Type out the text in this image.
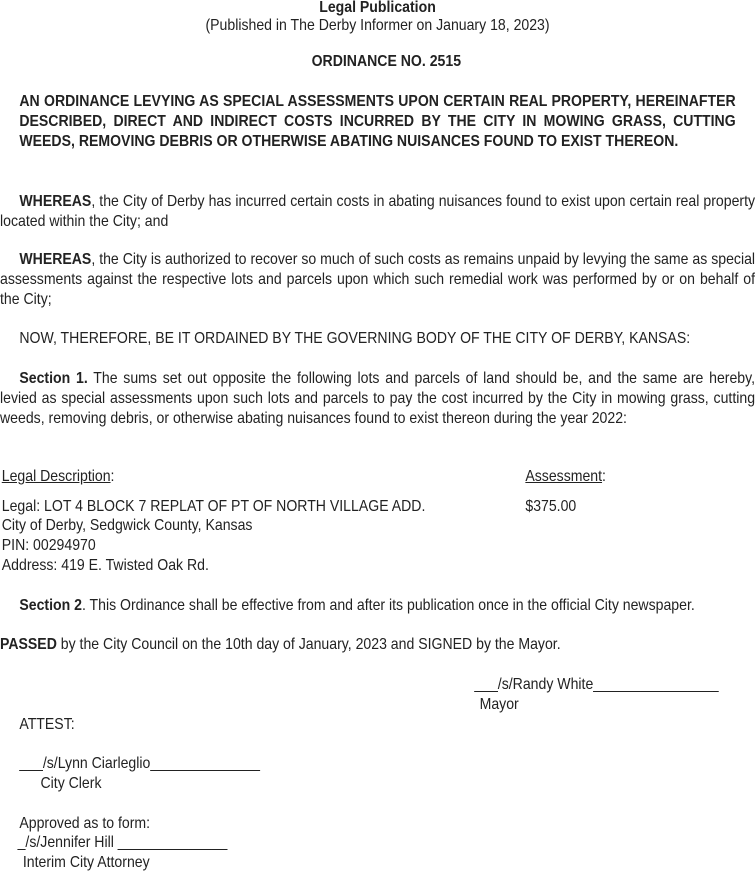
Legal Publication
(Published in The Derby Informer on January 18, 2023)
ORDINANCE NO. 2515
AN ORDINANCE LEVYING AS SPECIAL ASSESSMENTS UPON CERTAIN REAL PROPERTY, HEREINAFTER DESCRIBED, DIRECT AND INDIRECT COSTS INCURRED BY THE CITY IN MOWING GRASS, CUTTING WEEDS, REMOVING DEBRIS OR OTHERWISE ABATING NUISANCES FOUND TO EXIST THEREON.
WHEREAS, the City of Derby has incurred certain costs in abating nuisances found to exist upon certain real property located within the City; and
WHEREAS, the City is authorized to recover so much of such costs as remains unpaid by levying the same as special assessments against the respective lots and parcels upon which such remedial work was performed by or on behalf of the City;
NOW, THEREFORE, BE IT ORDAINED BY THE GOVERNING BODY OF THE CITY OF DERBY, KANSAS:
Section 1. The sums set out opposite the following lots and parcels of land should be, and the same are hereby, levied as special assessments upon such lots and parcels to pay the cost incurred by the City in mowing grass, cutting weeds, removing debris, or otherwise abating nuisances found to exist thereon during the year 2022:
Legal Description:	Assessment:
Legal: LOT 4 BLOCK 7 REPLAT OF PT OF NORTH VILLAGE ADD.	$375.00
City of Derby, Sedgwick County, Kansas
PIN: 00294970
Address: 419 E. Twisted Oak Rd.
Section 2. This Ordinance shall be effective from and after its publication once in the official City newspaper.
PASSED by the City Council on the 10th day of January, 2023 and SIGNED by the Mayor.
___/s/Randy White________________
Mayor
ATTEST:
___/s/Lynn Ciarleglio______________
City Clerk
Approved as to form:
_/s/Jennifer Hill ______________
Interim City Attorney
